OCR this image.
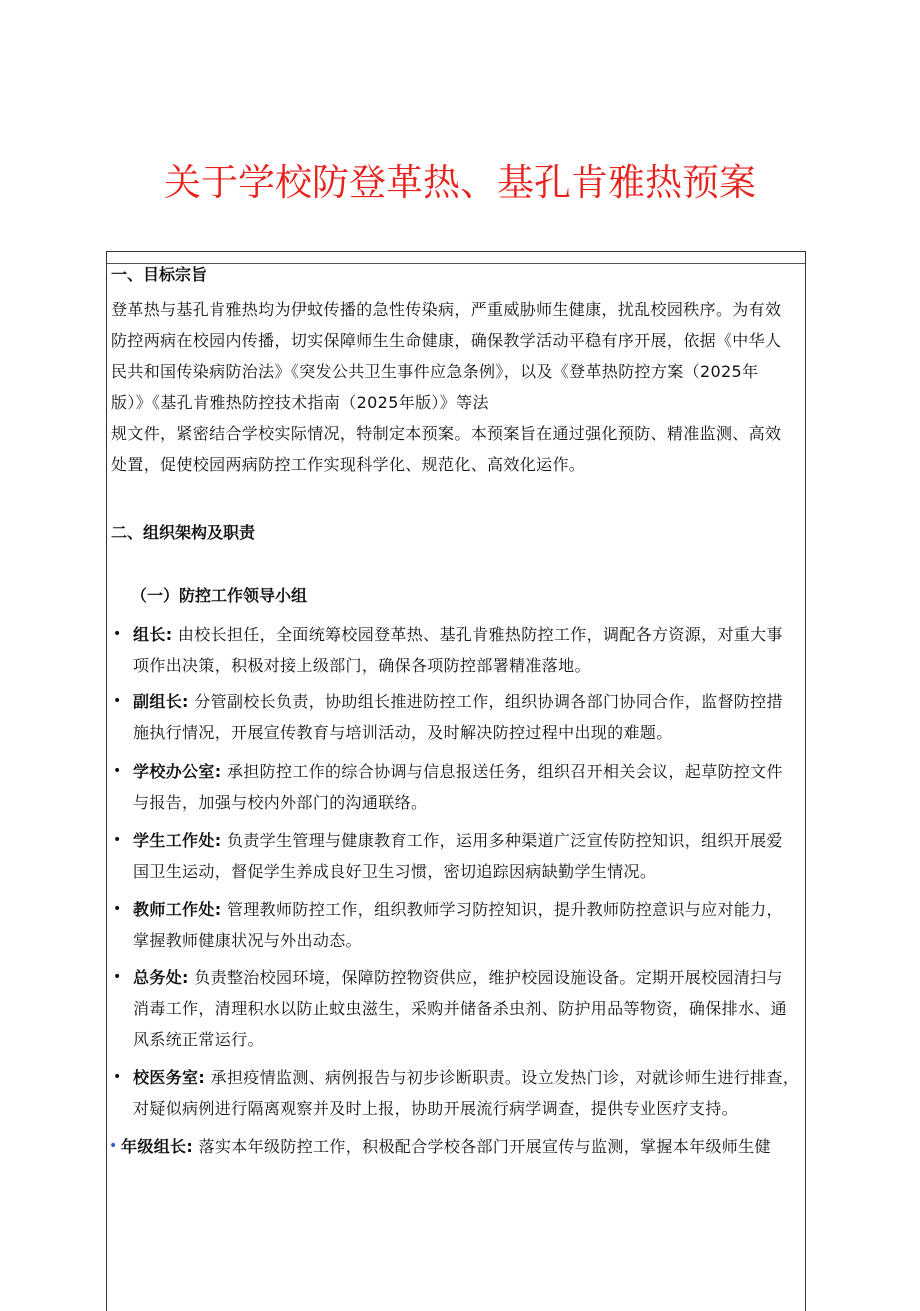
关于学校防登革热、基孔肯雅热预案
一、目标宗旨
登革热与基孔肯雅热均为伊蚊传播的急性传染病，严重威胁师生健康，扰乱校园秩序。为有效
防控两病在校园内传播，切实保障师生生命健康，确保教学活动平稳有序开展，依据《中华人
民共和国传染病防治法》《突发公共卫生事件应急条例》，以及《登革热防控方案（2025年
版）》《基孔肯雅热防控技术指南（2025年版）》等法
规文件，紧密结合学校实际情况，特制定本预案。本预案旨在通过强化预防、精准监测、高效
处置，促使校园两病防控工作实现科学化、规范化、高效化运作。
二、组织架构及职责
（一）防控工作领导小组
• 组长: 由校长担任，全面统筹校园登革热、基孔肯雅热防控工作，调配各方资源，对重大事
项作出决策，积极对接上级部门，确保各项防控部署精准落地。
• 副组长: 分管副校长负责，协助组长推进防控工作，组织协调各部门协同合作，监督防控措
施执行情况，开展宣传教育与培训活动，及时解决防控过程中出现的难题。
• 学校办公室: 承担防控工作的综合协调与信息报送任务，组织召开相关会议，起草防控文件
与报告，加强与校内外部门的沟通联络。
• 学生工作处: 负责学生管理与健康教育工作，运用多种渠道广泛宣传防控知识，组织开展爱
国卫生运动，督促学生养成良好卫生习惯，密切追踪因病缺勤学生情况。
• 教师工作处: 管理教师防控工作，组织教师学习防控知识，提升教师防控意识与应对能力，
掌握教师健康状况与外出动态。
• 总务处: 负责整治校园环境，保障防控物资供应，维护校园设施设备。定期开展校园清扫与
消毒工作，清理积水以防止蚊虫滋生，采购并储备杀虫剂、防护用品等物资，确保排水、通
风系统正常运行。
• 校医务室: 承担疫情监测、病例报告与初步诊断职责。设立发热门诊，对就诊师生进行排查，
对疑似病例进行隔离观察并及时上报，协助开展流行病学调查，提供专业医疗支持。
• 年级组长: 落实本年级防控工作，积极配合学校各部门开展宣传与监测，掌握本年级师生健
